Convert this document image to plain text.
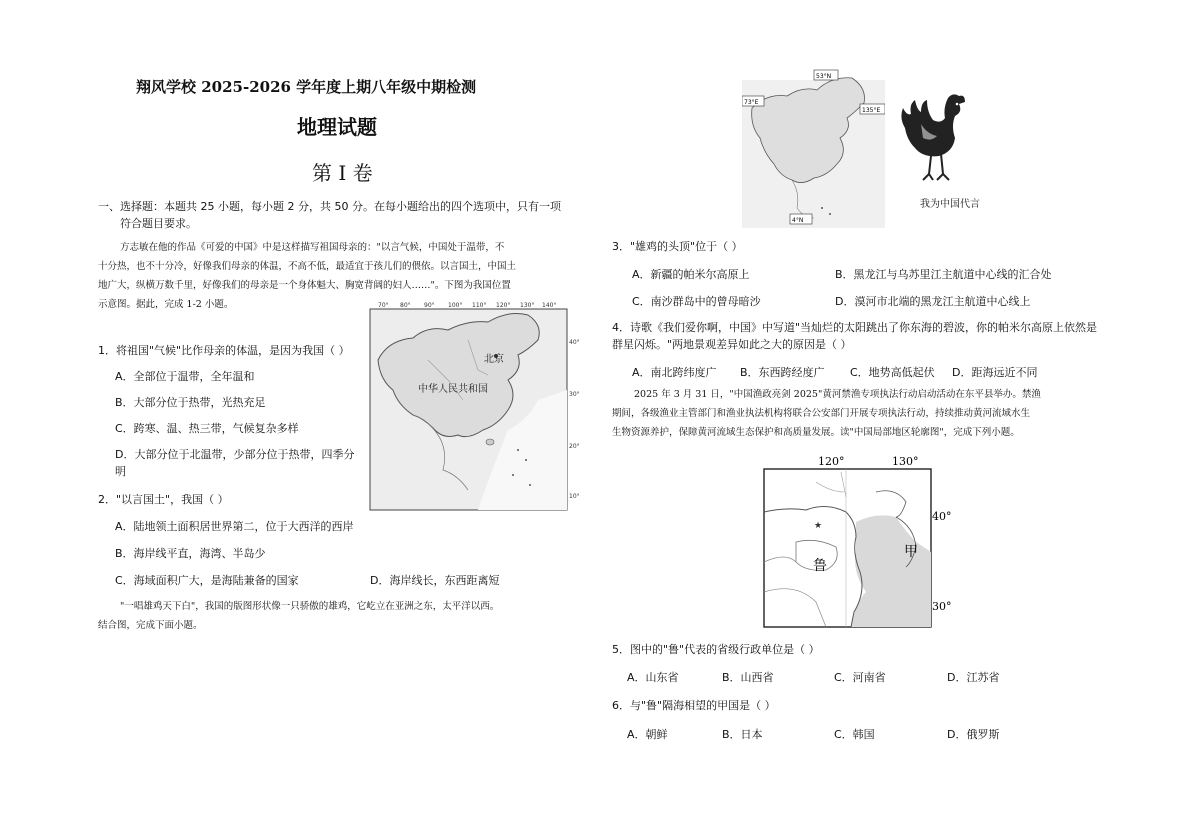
翔风学校 2025-2026 学年度上期八年级中期检测
地理试题
第 I 卷
一、选择题：本题共 25 小题，每小题 2 分，共 50 分。在每小题给出的四个选项中，只有一项
符合题目要求。
方志敏在他的作品《可爱的中国》中是这样描写祖国母亲的："以言气候，中国处于温带，不
十分热，也不十分冷，好像我们母亲的体温，不高不低，最适宜于孩儿们的偎依。以言国土，中国土
地广大，纵横万数千里，好像我们的母亲是一个身体魁大、胸宽背阔的妇人……"。下图为我国位置
示意图。据此，完成 1-2 小题。	70° 80° 90° 100° 110° 120° 130° 140°
40°
30°
20°
10°
北京
中华人民共和国
1．将祖国"气候"比作母亲的体温，是因为我国（ ）
A．全部位于温带，全年温和
B．大部分位于热带，光热充足
C．跨寒、温、热三带，气候复杂多样
D．大部分位于北温带，少部分位于热带，四季分
明
2．"以言国土"，我国（ ）
A．陆地领土面积居世界第二，位于大西洋的西岸
B．海岸线平直，海湾、半岛少
C．海域面积广大，是海陆兼备的国家	D．海岸线长，东西距离短
"一唱雄鸡天下白"，我国的版图形状像一只骄傲的雄鸡，它屹立在亚洲之东，太平洋以西。
结合图，完成下面小题。
53°N
73°E
135°E
4°N
我为中国代言
3．"雄鸡的头顶"位于（ ）
A．新疆的帕米尔高原上	B．黑龙江与乌苏里江主航道中心线的汇合处
C．南沙群岛中的曾母暗沙	D．漠河市北端的黑龙江主航道中心线上
4．诗歌《我们爱你啊，中国》中写道"当灿烂的太阳跳出了你东海的碧波，你的帕米尔高原上依然是
群星闪烁。"两地景观差异如此之大的原因是（ ）
A．南北跨纬度广 B．东西跨经度广 C．地势高低起伏 D．距海远近不同
2025 年 3 月 31 日，"中国渔政亮剑 2025"黄河禁渔专项执法行动启动活动在东平县举办。禁渔
期间，各级渔业主管部门和渔业执法机构将联合公安部门开展专项执法行动，持续推动黄河流域水生
生物资源养护，保障黄河流域生态保护和高质量发展。读"中国局部地区轮廓图"，完成下列小题。
120°	130°
40°
30°
★
鲁
甲
5．图中的"鲁"代表的省级行政单位是（ ）
A．山东省	B．山西省	C．河南省	D．江苏省
6．与"鲁"隔海相望的甲国是（ ）
A．朝鲜	B．日本	C．韩国	D．俄罗斯
